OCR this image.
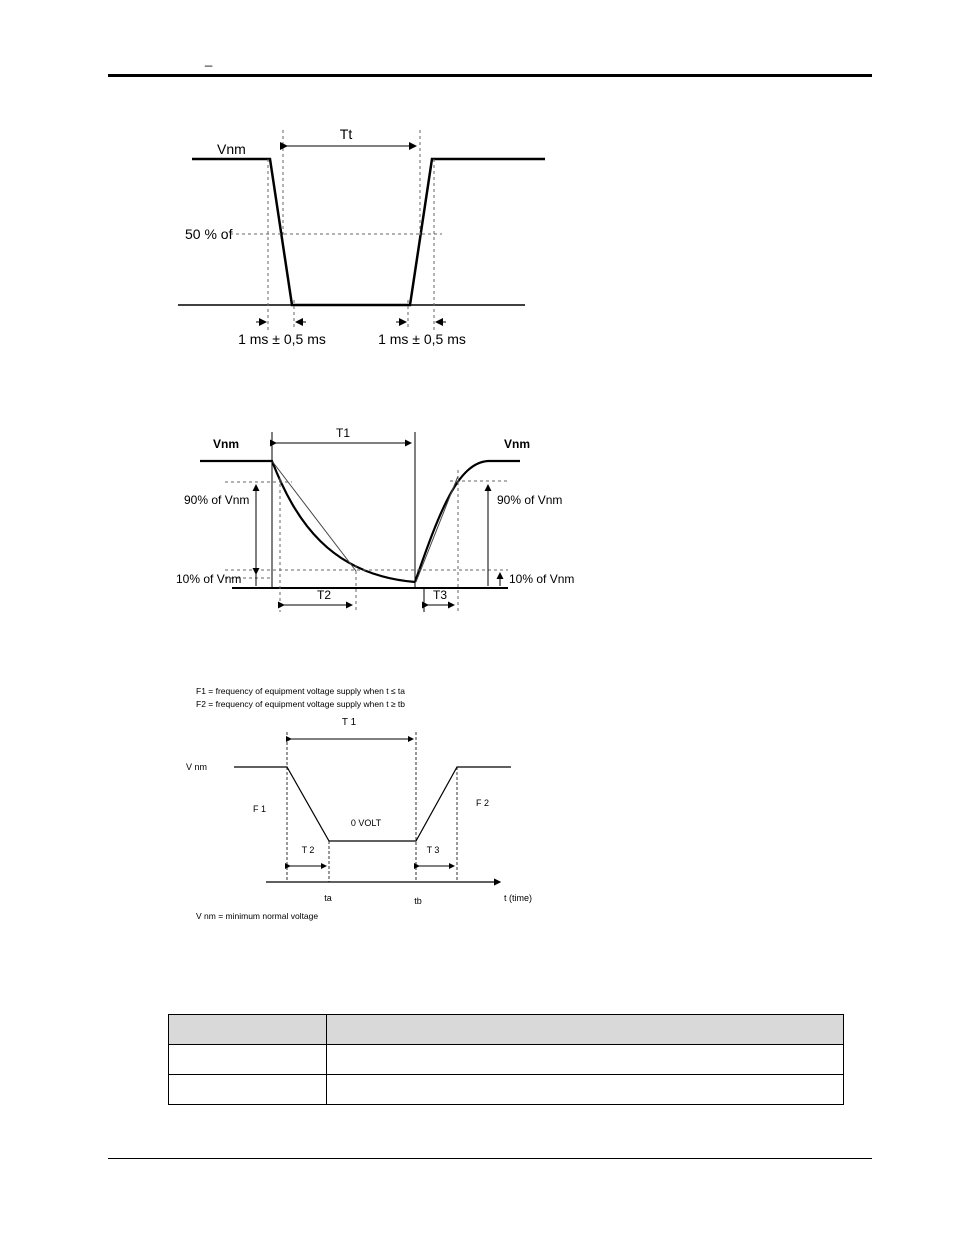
_
Vnm
Tt
50 % of
1 ms ± 0,5 ms	1 ms ± 0,5 ms
Vnm	Vnm
T1
90% of Vnm	90% of Vnm
10% of Vnm	10% of Vnm
T2	T3
F1 = frequency of equipment voltage supply when t ≤ ta
F2 = frequency of equipment voltage supply when t ≥ tb
T 1
V nm
F 1
F 2
0 VOLT
T 2	T 3
ta	tb	t (time)
V nm = minimum normal voltage
